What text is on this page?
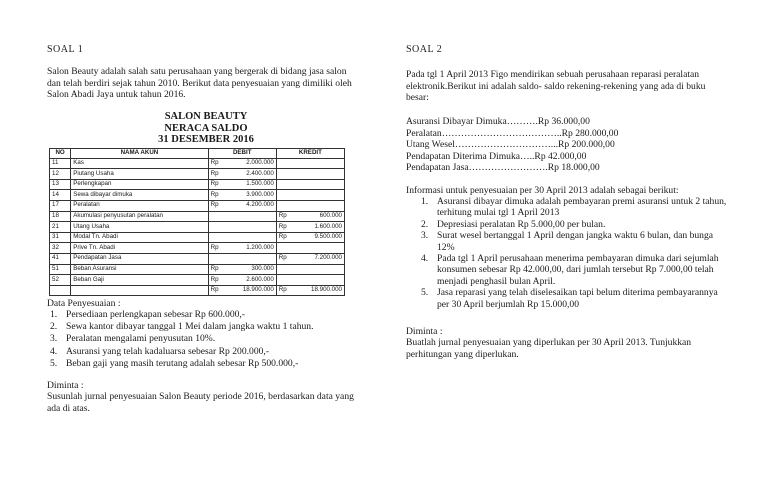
SOAL 1
Salon Beauty adalah salah satu perusahaan yang bergerak di bidang jasa salon dan telah berdiri sejak tahun 2010. Berikut data penyesuaian yang dimiliki oleh Salon Abadi Jaya untuk tahun 2016.
SALON BEAUTY
NERACA SALDO
31 DESEMBER 2016
NO	NAMA AKUN	DEBIT		KREDIT	
11	Kas	Rp	2.000.000		
12	Piutang Usaha	Rp	2.400.000		
13	Perlengkapan	Rp	1.500.000		
14	Sewa dibayar dimuka	Rp	3.900.000		
17	Peralatan	Rp	4.200.000		
18	Akumulasi penyusutan peralatan			Rp	600.000
21	Utang Usaha			Rp	1.600.000
31	Modal Tn. Abadi			Rp	9.500.000
32	Prive Tn. Abadi	Rp	1.200.000		
41	Pendapatan Jasa			Rp	7.200.000
51	Beban Asuransi	Rp	300.000		
52	Beban Gaji	Rp	2.600.000		
		Rp	18.900.000	Rp	18.900.000
Data Penyesuaian :
1. Persediaan perlengkapan sebesar Rp 600.000,-
2. Sewa kantor dibayar tanggal 1 Mei dalam jangka waktu 1 tahun.
3. Peralatan mengalami penyusutan 10%.
4. Asuransi yang telah kadaluarsa sebesar Rp 200.000,-
5. Beban gaji yang masih terutang adalah sebesar Rp 500.000,-
Diminta :
Susunlah jurnal penyesuaian Salon Beauty periode 2016, berdasarkan data yang ada di atas.
SOAL 2
Pada tgl 1 April 2013 Figo mendirikan sebuah perusahaan reparasi peralatan elektronik.Berikut ini adalah saldo- saldo rekening-rekening yang ada di buku besar:
Asuransi Dibayar Dimuka……….Rp 36.000,00
Peralatan………………………………..Rp 280.000,00
Utang Wesel…………………………...Rp 200.000,00
Pendapatan Diterima Dimuka…..Rp 42.000,00
Pendapatan Jasa…………………….Rp 18.000,00
Informasi untuk penyesuaian per 30 April 2013 adalah sebagai berikut:
1. Asuransi dibayar dimuka adalah pembayaran premi asuransi untuk 2 tahun, terhitung mulai tgl 1 April 2013
2. Depresiasi peralatan Rp 5.000,00 per bulan.
3. Surat wesel bertanggal 1 April dengan jangka waktu 6 bulan, dan bunga 12%
4. Pada tgl 1 April perusahaan menerima pembayaran dimuka dari sejumlah konsumen sebesar Rp 42.000,00, dari jumlah tersebut Rp 7.000,00 telah menjadi penghasil bulan April.
5. Jasa reparasi yang telah diselesaikan tapi belum diterima pembayarannya per 30 April berjumlah Rp 15.000,00
Diminta :
Buatlah jurnal penyesuaian yang diperlukan per 30 April 2013. Tunjukkan perhitungan yang diperlukan.
